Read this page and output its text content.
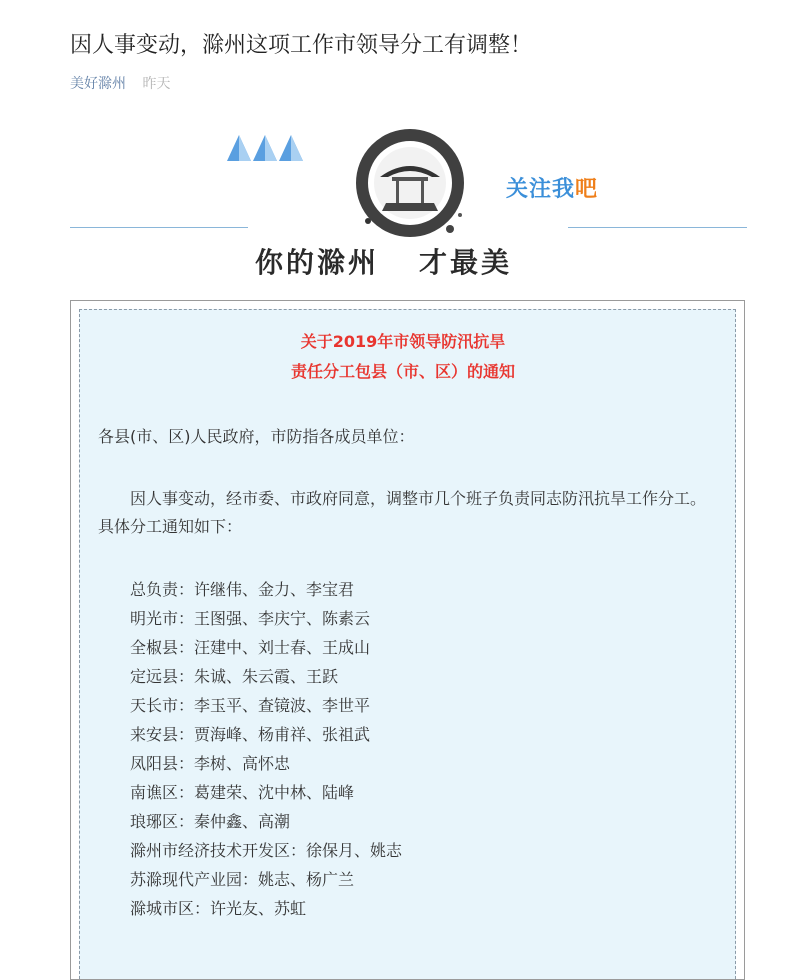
因人事变动，滁州这项工作市领导分工有调整！
美好滁州 昨天
关注我吧
你的滁州 才最美
关于2019年市领导防汛抗旱
责任分工包县（市、区）的通知
各县(市、区)人民政府，市防指各成员单位：
因人事变动，经市委、市政府同意，调整市几个班子负责同志防汛抗旱工作分工。具体分工通知如下：
总负责：许继伟、金力、李宝君
明光市：王图强、李庆宁、陈素云
全椒县：汪建中、刘士春、王成山
定远县：朱诚、朱云霞、王跃
天长市：李玉平、查镜波、李世平
来安县：贾海峰、杨甫祥、张祖武
凤阳县：李树、高怀忠
南谯区：葛建荣、沈中林、陆峰
琅琊区：秦仲鑫、高潮
滁州市经济技术开发区：徐保月、姚志
苏滁现代产业园：姚志、杨广兰
滁城市区：许光友、苏虹
